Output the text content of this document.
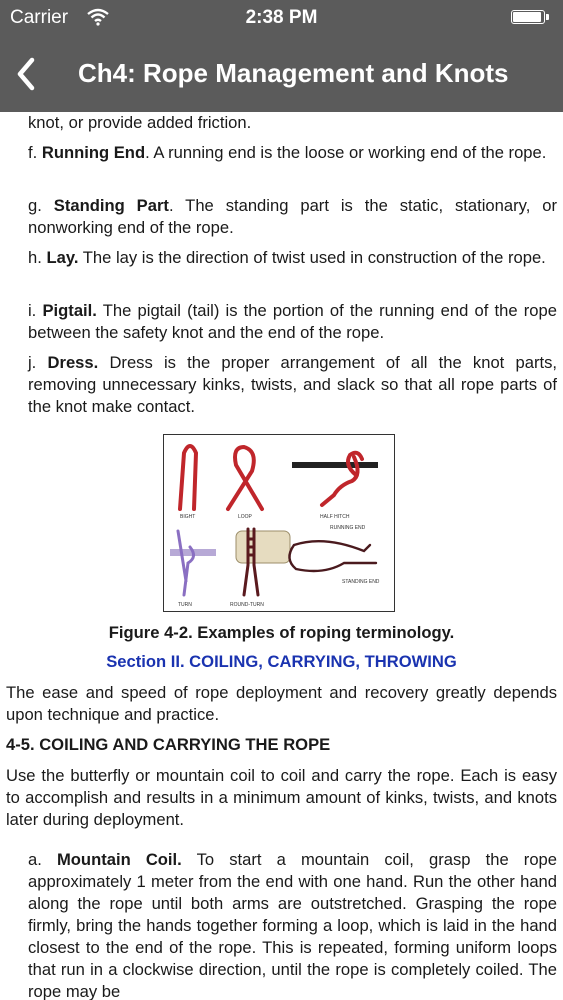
Carrier	2:38 PM
Ch4: Rope Management and Knots
knot, or provide added friction.
f. Running End. A running end is the loose or working end of the rope.
g. Standing Part. The standing part is the static, stationary, or nonworking end of the rope.
h. Lay. The lay is the direction of twist used in construction of the rope.
i. Pigtail. The pigtail (tail) is the portion of the running end of the rope between the safety knot and the end of the rope.
j. Dress. Dress is the proper arrangement of all the knot parts, removing unnecessary kinks, twists, and slack so that all rope parts of the knot make contact.
BIGHT	LOOP	HALF HITCH
TURN	ROUND-TURN
RUNNING END
STANDING END
Figure 4-2. Examples of roping terminology.
Section II. COILING, CARRYING, THROWING
The ease and speed of rope deployment and recovery greatly depends upon technique and practice.
4-5. COILING AND CARRYING THE ROPE
Use the butterfly or mountain coil to coil and carry the rope. Each is easy to accomplish and results in a minimum amount of kinks, twists, and knots later during deployment.
a. Mountain Coil. To start a mountain coil, grasp the rope approximately 1 meter from the end with one hand. Run the other hand along the rope until both arms are outstretched. Grasping the rope firmly, bring the hands together forming a loop, which is laid in the hand closest to the end of the rope. This is repeated, forming uniform loops that run in a clockwise direction, until the rope is completely coiled. The rope may be
